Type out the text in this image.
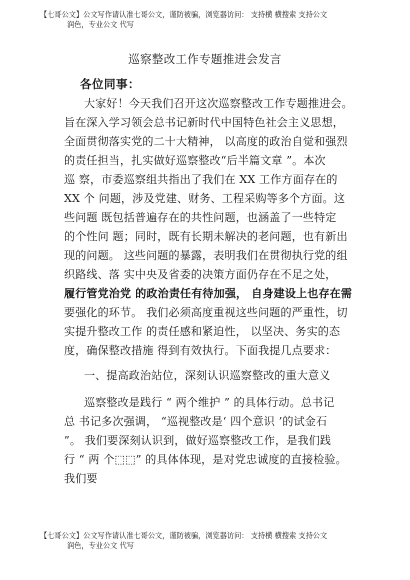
【七哥公文】公文写作请认准七哥公文，谨防被骗，浏览器访问： 支持横 横搜索 支持公文
润色，专业公文 代写
巡察整改工作专题推进会发言
各位同事：
大家好！今天我们召开这次巡察整改工作专题推进会。
旨在深入学习领会总书记新时代中国特色社会主义思想，
全面贯彻落实党的二十大精神， 以高度的政治自觉和强烈
的责任担当，扎实做好巡察整改“后半篇文章 ”。本次
巡 察，市委巡察组共指出了我们在 XX 工作方面存在的
XX 个 问题，涉及党建、财务、工程采购等多个方面。这
些问题 既包括普遍存在的共性问题，也涵盖了一些特定
的个性问 题；同时，既有长期未解决的老问题，也有新出
现的问题。 这些问题的暴露，表明我们在贯彻执行党的组
织路线、落 实中央及省委的决策方面仍存在不足之处，
履行管党治党 的政治责任有待加强， 自身建设上也存在需
要强化的环节。 我们必须高度重视这些问题的严重性，切
实提升整改工作 的责任感和紧迫性， 以坚决、务实的态
度，确保整改措施 得到有效执行。下面我提几点要求：
一、提高政治站位，深刻认识巡察整改的重大意义
巡察整改是践行 “ 两个维护 ” 的具体行动。总书记
总 书记多次强调， “巡视整改是‘ 四个意识 ’的试金石
”。 我们要深刻认识到，做好巡察整改工作，是我们践
行 “ 两 个⬚⬚” 的具体体现，是对党忠诚度的直接检验。
我们要
【七哥公文】公文写作请认准七哥公文，谨防被骗，浏览器访问： 支持横 横搜索 支持公文
润色，专业公文 代写
